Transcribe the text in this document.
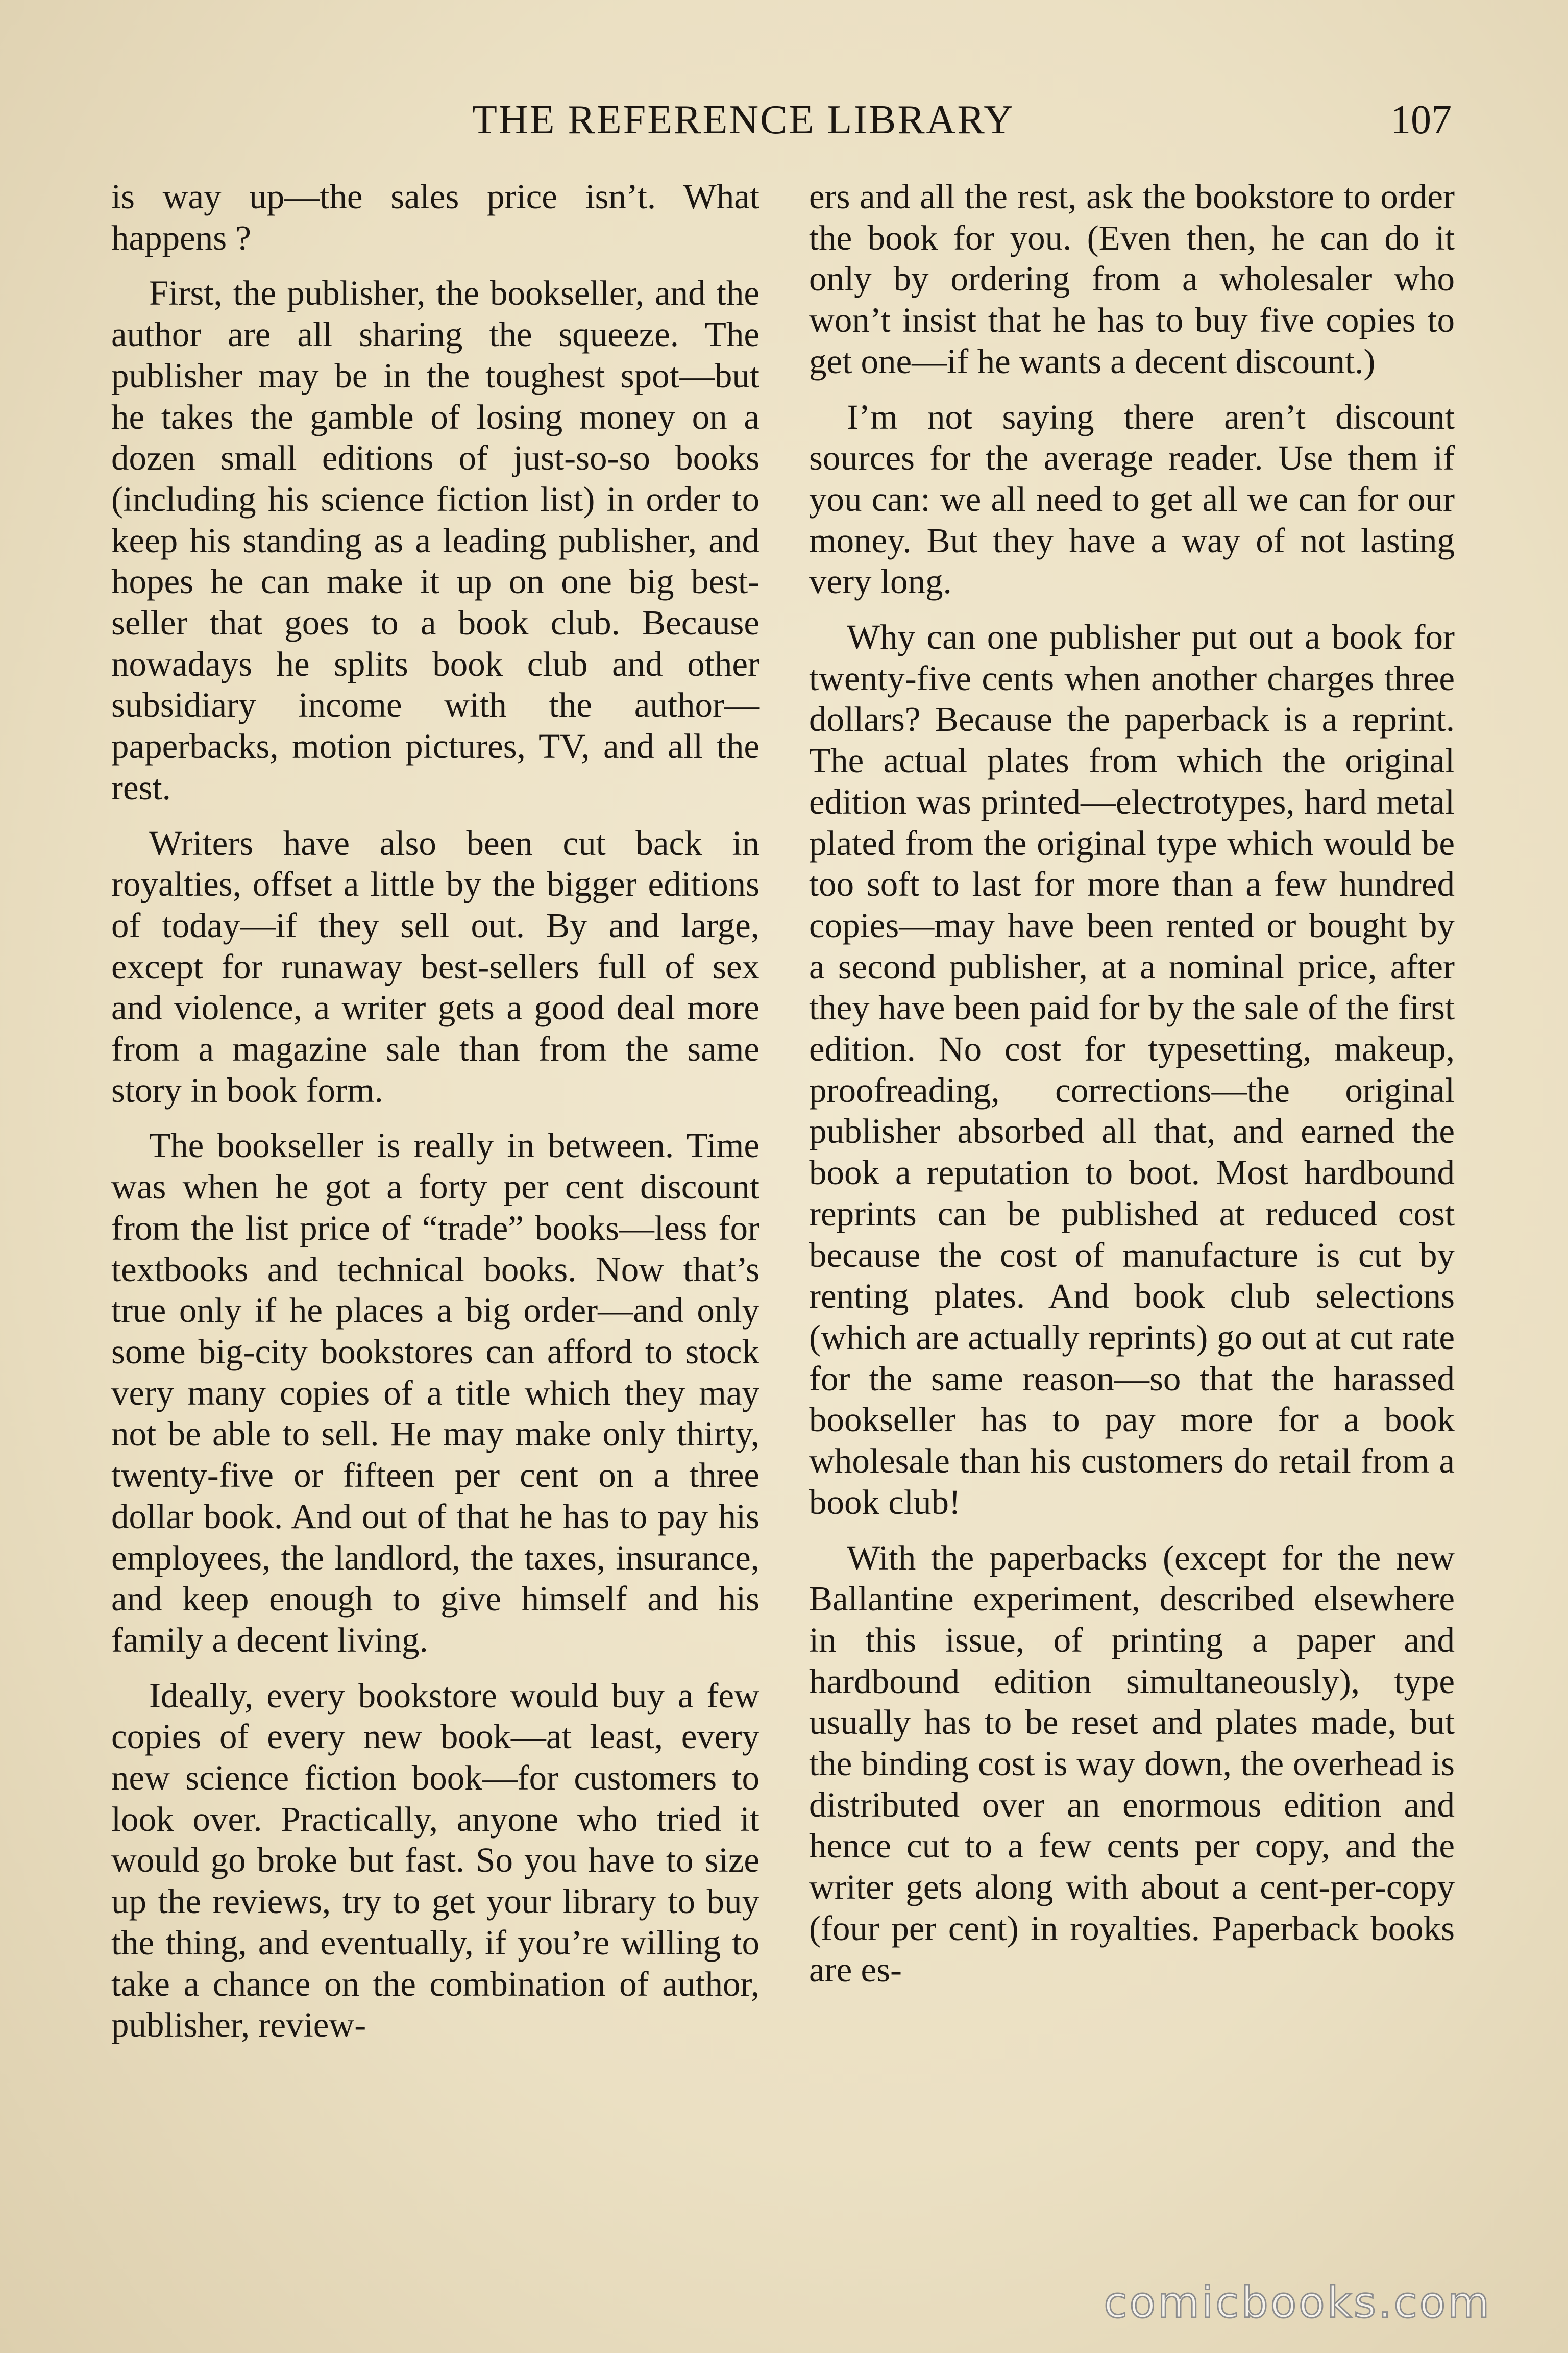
THE REFERENCE LIBRARY	107

is way up—the sales price isn’t. What happens ?

First, the publisher, the bookseller, and the author are all sharing the squeeze. The publisher may be in the toughest spot—but he takes the gamble of losing money on a dozen small editions of just-so-so books (including his science fiction list) in order to keep his standing as a leading publisher, and hopes he can make it up on one big best-seller that goes to a book club. Because nowadays he splits book club and other subsidiary income with the author—paperbacks, motion pictures, TV, and all the rest.

Writers have also been cut back in royalties, offset a little by the bigger editions of today—if they sell out. By and large, except for runaway best-sellers full of sex and violence, a writer gets a good deal more from a magazine sale than from the same story in book form.

The bookseller is really in between. Time was when he got a forty per cent discount from the list price of “trade” books—less for textbooks and technical books. Now that’s true only if he places a big order—and only some big-city bookstores can afford to stock very many copies of a title which they may not be able to sell. He may make only thirty, twenty-five or fifteen per cent on a three dollar book. And out of that he has to pay his employees, the landlord, the taxes, insurance, and keep enough to give himself and his family a decent living.

Ideally, every bookstore would buy a few copies of every new book—at least, every new science fiction book—for customers to look over. Practically, anyone who tried it would go broke but fast. So you have to size up the reviews, try to get your library to buy the thing, and eventually, if you’re willing to take a chance on the combination of author, publisher, review-

ers and all the rest, ask the bookstore to order the book for you. (Even then, he can do it only by ordering from a wholesaler who won’t insist that he has to buy five copies to get one—if he wants a decent discount.)

I’m not saying there aren’t discount sources for the average reader. Use them if you can: we all need to get all we can for our money. But they have a way of not lasting very long.

Why can one publisher put out a book for twenty-five cents when another charges three dollars? Because the paperback is a reprint. The actual plates from which the original edition was printed—electrotypes, hard metal plated from the original type which would be too soft to last for more than a few hundred copies—may have been rented or bought by a second publisher, at a nominal price, after they have been paid for by the sale of the first edition. No cost for typesetting, makeup, proofreading, corrections—the original publisher absorbed all that, and earned the book a reputation to boot. Most hardbound reprints can be published at reduced cost because the cost of manufacture is cut by renting plates. And book club selections (which are actually reprints) go out at cut rate for the same reason—so that the harassed bookseller has to pay more for a book wholesale than his customers do retail from a book club!

With the paperbacks (except for the new Ballantine experiment, described elsewhere in this issue, of printing a paper and hardbound edition simultaneously), type usually has to be reset and plates made, but the binding cost is way down, the overhead is distributed over an enormous edition and hence cut to a few cents per copy, and the writer gets along with about a cent-per-copy (four per cent) in royalties. Paperback books are es-

comicbooks.com
